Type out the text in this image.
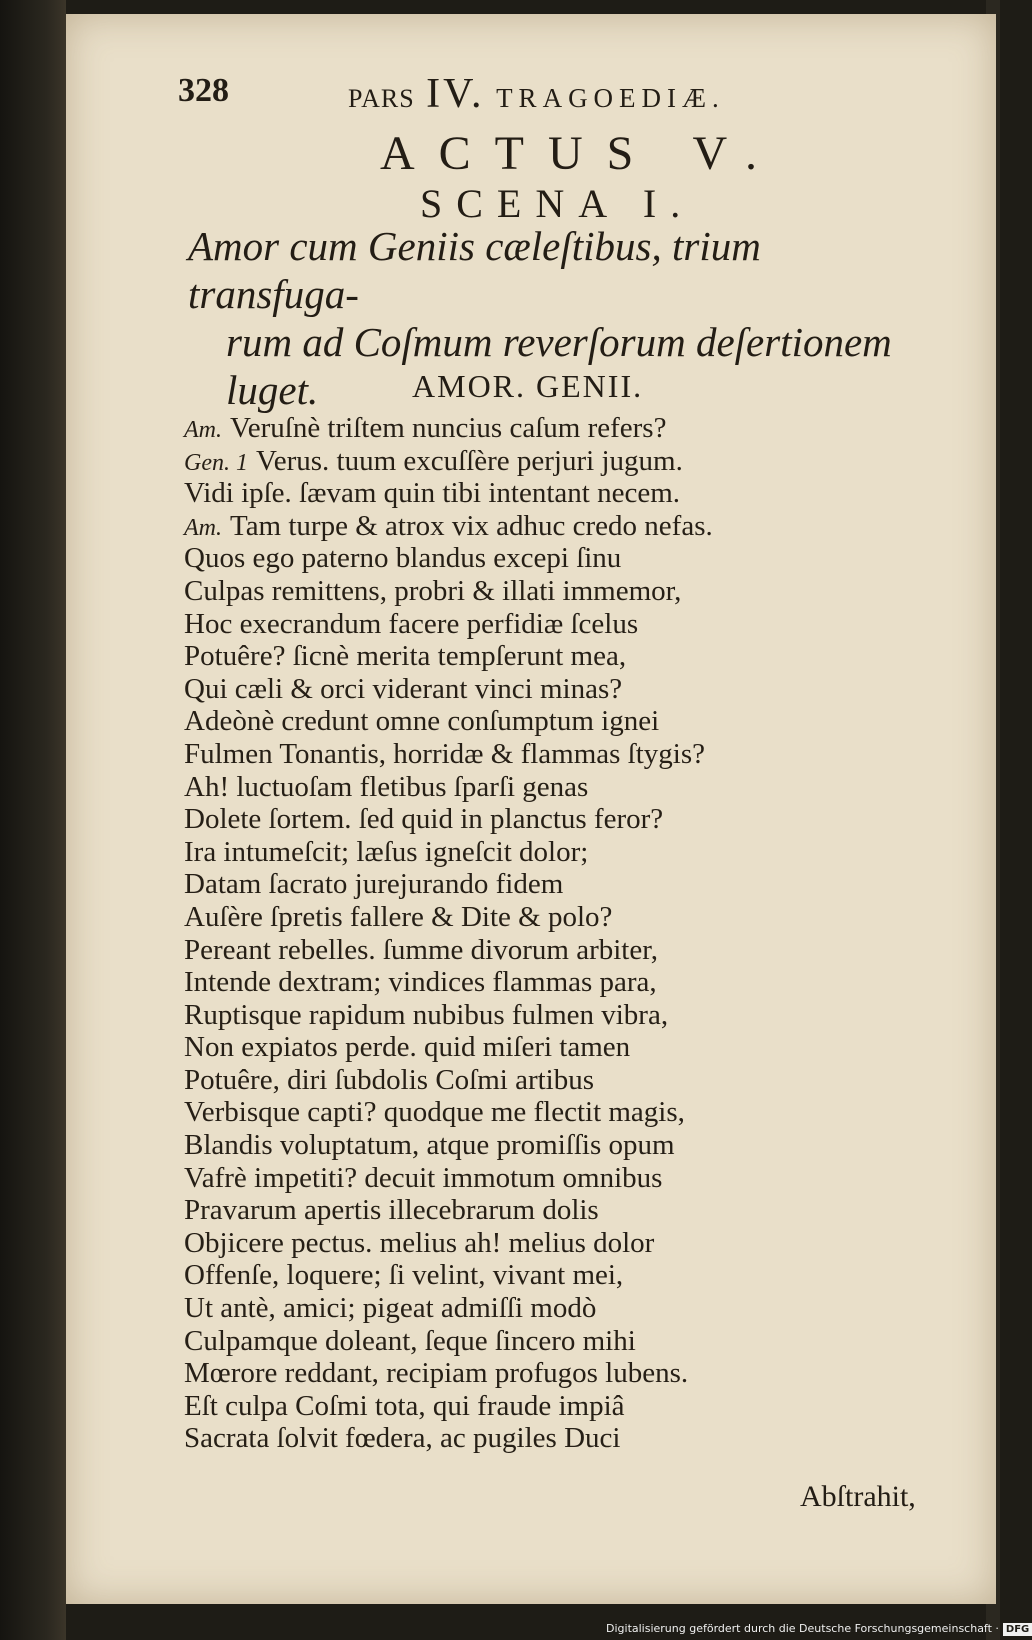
328	PARS IV. TRAGOEDIÆ.
ACTUS V.
SCENA I.
Amor cum Geniis cæleſtibus, trium transfuga-
rum ad Coſmum reverſorum deſertionem
luget.	AMOR. GENII.
Am. Veruſnè triſtem nuncius caſum refers?
Gen. 1 Verus. tuum excuſſère perjuri jugum.
Vidi ipſe. ſævam quin tibi intentant necem.
Am. Tam turpe & atrox vix adhuc credo nefas.
Quos ego paterno blandus excepi ſinu
Culpas remittens, probri & illati immemor,
Hoc execrandum facere perfidiæ ſcelus
Potuêre? ſicnè merita tempſerunt mea,
Qui cæli & orci viderant vinci minas?
Adeònè credunt omne conſumptum ignei
Fulmen Tonantis, horridæ & flammas ſtygis?
Ah! luctuoſam fletibus ſparſi genas
Dolete ſortem. ſed quid in planctus feror?
Ira intumeſcit; læſus igneſcit dolor;
Datam ſacrato jurejurando fidem
Auſère ſpretis fallere & Dite & polo?
Pereant rebelles. ſumme divorum arbiter,
Intende dextram; vindices flammas para,
Ruptisque rapidum nubibus fulmen vibra,
Non expiatos perde. quid miſeri tamen
Potuêre, diri ſubdolis Coſmi artibus
Verbisque capti? quodque me flectit magis,
Blandis voluptatum, atque promiſſis opum
Vafrè impetiti? decuit immotum omnibus
Pravarum apertis illecebrarum dolis
Objicere pectus. melius ah! melius dolor
Offenſe, loquere; ſi velint, vivant mei,
Ut antè, amici; pigeat admiſſi modò
Culpamque doleant, ſeque ſincero mihi
Mœrore reddant, recipiam profugos lubens.
Eſt culpa Coſmi tota, qui fraude impiâ
Sacrata ſolvit fœdera, ac pugiles Duci
Abſtrahit,
Digitalisierung gefördert durch die Deutsche Forschungsgemeinschaft · DFG
